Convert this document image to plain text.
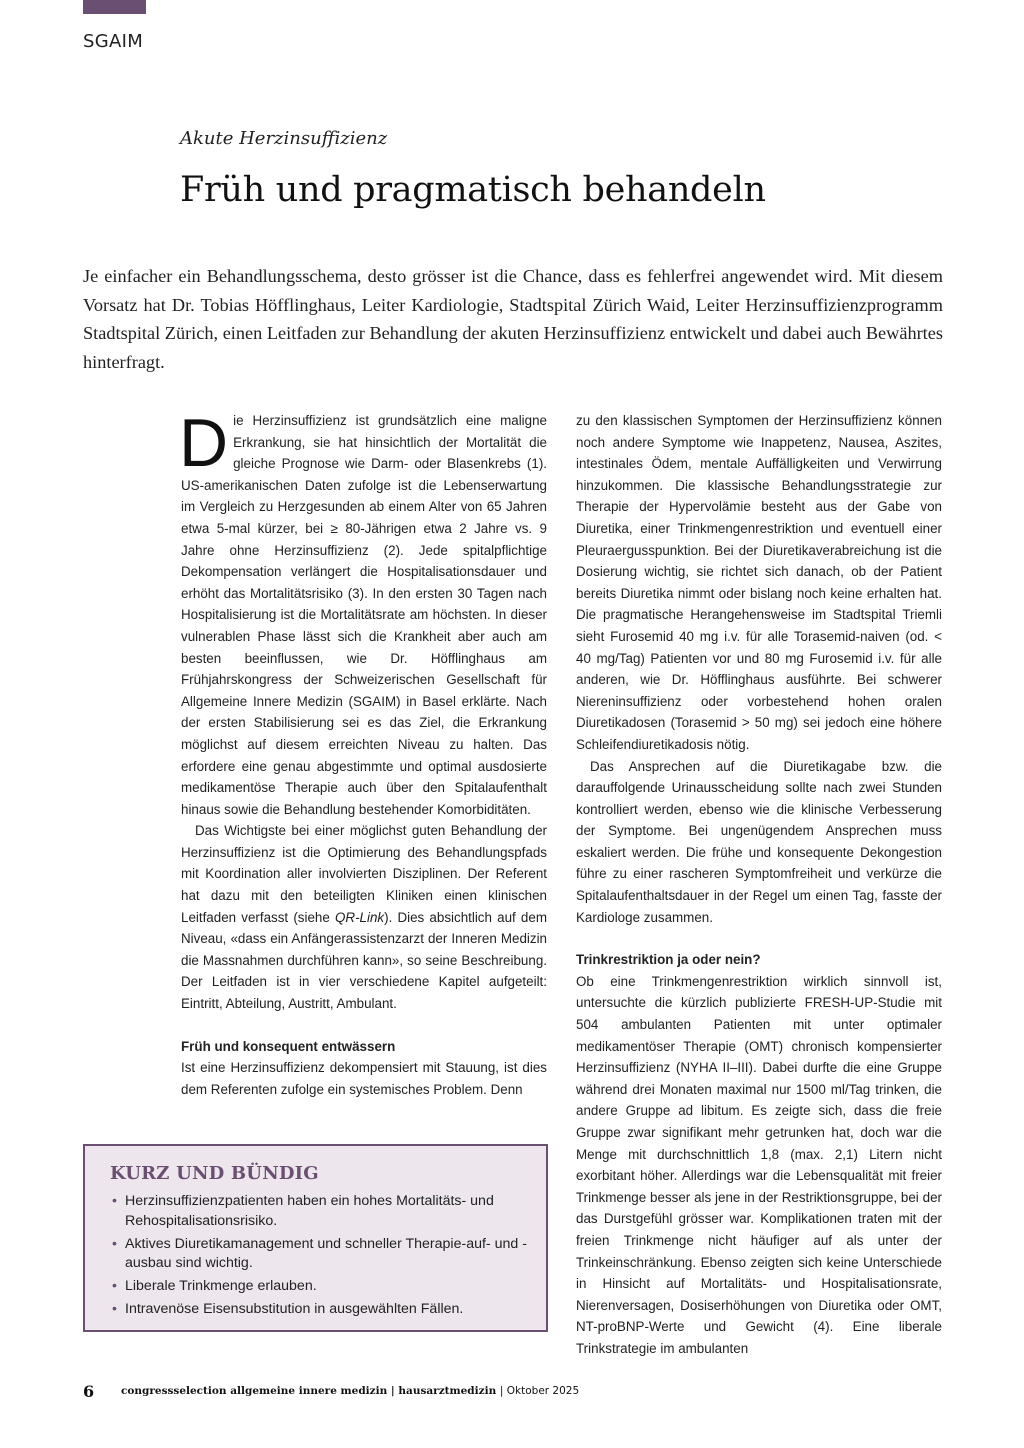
SGAIM
Akute Herzinsuffizienz
Früh und pragmatisch behandeln
Je einfacher ein Behandlungsschema, desto grösser ist die Chance, dass es fehlerfrei angewendet wird. Mit diesem Vorsatz hat Dr. Tobias Höfflinghaus, Leiter Kardiologie, Stadtspital Zürich Waid, Leiter Herzinsuffizienzprogramm Stadtspital Zürich, einen Leitfaden zur Behandlung der akuten Herzinsuffizienz entwickelt und dabei auch Bewährtes hinterfragt.

Die Herzinsuffizienz ist grundsätzlich eine maligne Erkrankung, sie hat hinsichtlich der Mortalität die gleiche Prognose wie Darm- oder Blasenkrebs (1). US-amerikanischen Daten zufolge ist die Lebenserwartung im Vergleich zu Herzgesunden ab einem Alter von 65 Jahren etwa 5-mal kürzer, bei ≥ 80-Jährigen etwa 2 Jahre vs. 9 Jahre ohne Herzinsuffizienz (2). Jede spitalpflichtige Dekompensation verlängert die Hospitalisationsdauer und erhöht das Mortalitätsrisiko (3). In den ersten 30 Tagen nach Hospitalisierung ist die Mortalitätsrate am höchsten. In dieser vulnerablen Phase lässt sich die Krankheit aber auch am besten beeinflussen, wie Dr. Höfflinghaus am Frühjahrskongress der Schweizerischen Gesellschaft für Allgemeine Innere Medizin (SGAIM) in Basel erklärte. Nach der ersten Stabilisierung sei es das Ziel, die Erkrankung möglichst auf diesem erreichten Niveau zu halten. Das erfordere eine genau abgestimmte und optimal ausdosierte medikamentöse Therapie auch über den Spitalaufenthalt hinaus sowie die Behandlung bestehender Komorbiditäten.

Das Wichtigste bei einer möglichst guten Behandlung der Herzinsuffizienz ist die Optimierung des Behandlungspfads mit Koordination aller involvierten Disziplinen. Der Referent hat dazu mit den beteiligten Kliniken einen klinischen Leitfaden verfasst (siehe QR-Link). Dies absichtlich auf dem Niveau, «dass ein Anfängerassistenzarzt der Inneren Medizin die Massnahmen durchführen kann», so seine Beschreibung. Der Leitfaden ist in vier verschiedene Kapitel aufgeteilt: Eintritt, Abteilung, Austritt, Ambulant.

Früh und konsequent entwässern

Ist eine Herzinsuffizienz dekompensiert mit Stauung, ist dies dem Referenten zufolge ein systemisches Problem. Denn

zu den klassischen Symptomen der Herzinsuffizienz können noch andere Symptome wie Inappetenz, Nausea, Aszites, intestinales Ödem, mentale Auffälligkeiten und Verwirrung hinzukommen. Die klassische Behandlungsstrategie zur Therapie der Hypervolämie besteht aus der Gabe von Diuretika, einer Trinkmengenrestriktion und eventuell einer Pleuraergusspunktion. Bei der Diuretikaverabreichung ist die Dosierung wichtig, sie richtet sich danach, ob der Patient bereits Diuretika nimmt oder bislang noch keine erhalten hat. Die pragmatische Herangehensweise im Stadtspital Triemli sieht Furosemid 40 mg i.v. für alle Torasemid-naiven (od. < 40 mg/Tag) Patienten vor und 80 mg Furosemid i.v. für alle anderen, wie Dr. Höfflinghaus ausführte. Bei schwerer Niereninsuffizienz oder vorbestehend hohen oralen Diuretikadosen (Torasemid > 50 mg) sei jedoch eine höhere Schleifendiuretikadosis nötig.

Das Ansprechen auf die Diuretikagabe bzw. die darauffolgende Urinausscheidung sollte nach zwei Stunden kontrolliert werden, ebenso wie die klinische Verbesserung der Symptome. Bei ungenügendem Ansprechen muss eskaliert werden. Die frühe und konsequente Dekongestion führe zu einer rascheren Symptomfreiheit und verkürze die Spitalaufenthaltsdauer in der Regel um einen Tag, fasste der Kardiologe zusammen.

Trinkrestriktion ja oder nein?

Ob eine Trinkmengenrestriktion wirklich sinnvoll ist, untersuchte die kürzlich publizierte FRESH-UP-Studie mit 504 ambulanten Patienten mit unter optimaler medikamentöser Therapie (OMT) chronisch kompensierter Herzinsuffizienz (NYHA II–III). Dabei durfte die eine Gruppe während drei Monaten maximal nur 1500 ml/Tag trinken, die andere Gruppe ad libitum. Es zeigte sich, dass die freie Gruppe zwar signifikant mehr getrunken hat, doch war die Menge mit durchschnittlich 1,8 (max. 2,1) Litern nicht exorbitant höher. Allerdings war die Lebensqualität mit freier Trinkmenge besser als jene in der Restriktionsgruppe, bei der das Durstgefühl grösser war. Komplikationen traten mit der freien Trinkmenge nicht häufiger auf als unter der Trinkeinschränkung. Ebenso zeigten sich keine Unterschiede in Hinsicht auf Mortalitäts- und Hospitalisationsrate, Nierenversagen, Dosiserhöhungen von Diuretika oder OMT, NT-proBNP-Werte und Gewicht (4). Eine liberale Trinkstrategie im ambulanten

KURZ UND BÜNDIG
• Herzinsuffizienzpatienten haben ein hohes Mortalitäts- und Rehospitalisationsrisiko.
• Aktives Diuretikamanagement und schneller Therapie-auf- und -ausbau sind wichtig.
• Liberale Trinkmenge erlauben.
• Intravenöse Eisensubstitution in ausgewählten Fällen.
6	congressselection allgemeine innere medizin | hausarztmedizin | Oktober 2025
